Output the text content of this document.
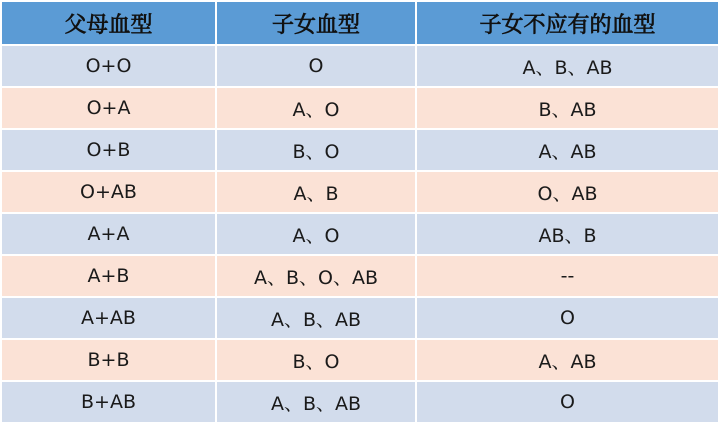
父母血型	子女血型	子女不应有的血型
O+O	O	A、B、AB
O+A	A、O	B、AB
O+B	B、O	A、AB
O+AB	A、B	O、AB
A+A	A、O	AB、B
A+B	A、B、O、AB	--
A+AB	A、B、AB	O
B+B	B、O	A、AB
B+AB	A、B、AB	O
